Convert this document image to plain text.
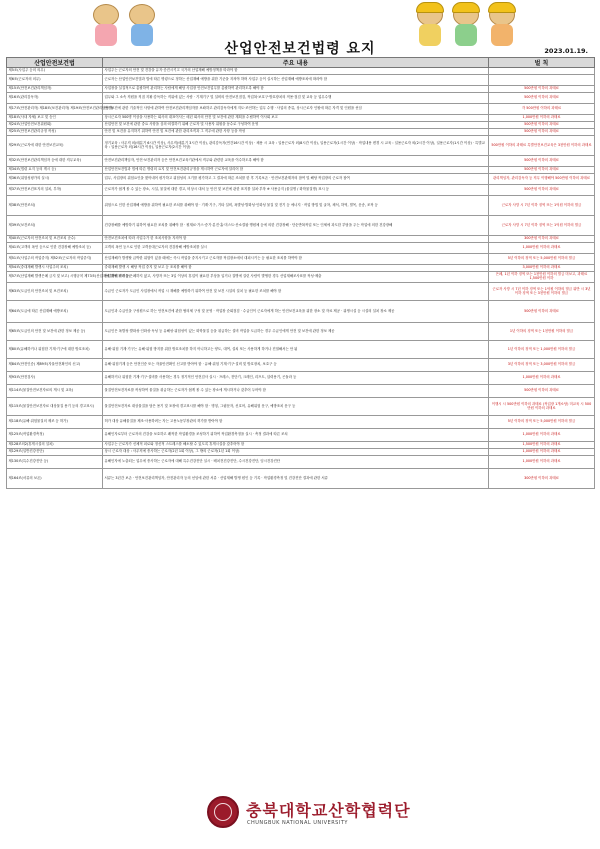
산업안전보건법령 요지	2023.01.19.
산업안전보건법	주요 내용	벌 칙
제5조(사업주 등의 의무)	사업주는 근로자의 안전 및 건강을 유지·증진시키고 국가의 산업재해 예방정책을 따라야 함	
제6조(근로자의 의무)	근로자는 산업안전보건법과 법에 따른 명령으로 정하는 산업재해 예방을 위한 기준을 지켜야 하며 사업주 등이 실시하는 산업재해 예방조치에 따라야 함	
제15조(안전보건관리책임자)	사업장을 실질적으로 총괄하여 관리하는 사람에게 해당 사업장 안전보건업무를 총괄하여 관리하도록 해야 함	500만원 이하의 과태료
제16조(관리감독자)	업무와 그 소속 직원을 직접 지휘·감독하는 직위에 있는 사람 · 기계기구 및 설비의 안전보건점검, 작업복·보호구·방호장치의 적용·점검 및 교육 등 업무수행	500만원 이하의 과태료
제17조(안전관리자) 제18조(보건관리자) 제19조(안전보건관리담당자)	안전보건에 관한 기술적인 사항에 관하여 안전보건관리책임자를 보좌하고 관리감독자에게 지도·조언하는 업무 수행 · 사업의 종류, 상시근로자 인원에 따른 자격 및 인원을 선임	각 500만원 이하의 과태료
제18조(사내 자체) 보고 및 승인	상시근로자 500명 이상을 사용하는 회사의 대표이사는 매년 회사의 안전 및 보건에 관한 계획을 수립하여 이사회 보고	1,000만원 이하의 과태료
제24조(산업안전보건위원회)	산업안전 및 보건에 관한 중요 사항을 심의·의결하기 위해 근로자 및 사용자 위원을 동수로 구성하여 운영	500만원 이하의 과태료
제25조(안전보건관리규정 작성)	안전 및 보건을 유지하기 위하여 안전 및 보건에 관한 관리조직과 그 직무에 관한 사항 등을 작성	500만원 이하의 과태료
제29조(근로자에 대한 안전보건교육)	정기교육 : 사무직 외(매분기 6시간 이상), 사무직(매분기 3시간 이상), 관리감독자(연간16시간 이상) · 채용 시 교육 : 일용근로자 외(8시간 이상), 일용근로자(1시간 이상) · 작업내용 변경 시 교육 : 일용근로자 외(2시간 이상), 일용근로자(1시간 이상) · 특별교육 : 일용근로자 외(16시간 이상), 일용근로자(2시간 이상)	500만원 이하의 과태료 특별안전보건교육은 3천만원 이하의 과태료
제32조(안전보건관리책임자 등에 대한 직무교육)	안전보건관리책임자, 안전·보건관리자 등은 안전보건교육기관에서 직무와 관련한 교육을 이수하도록 해야 함	500만원 이하의 과태료
제34조(법령 요지 등의 게시 등)	산업안전보건법과 법에 따른 명령의 요지 및 안전보건관리규정을 게시하여 근로자에 알리어 함	500만원 이하의 과태료
제36조(위험성평가의 실시)	업무, 사업장의 위험요인을 찾아내어 평가하고 위험성의 크기를 평가하고 그 결과에 따른 조치를 한 후 기록보존 · 안전보건관계자의 참여 및 해당 작업장의 근로자 참여	관리책임자, 관리감독자 등 직무 이행해야 500만원 이하의 과태료
제37조(안전보건표지의 설치, 부착)	근로자가 쉽게 볼 수 있는 장소, 시설, 물질에 대한 경고, 비상시 대처 등 안전 및 보건에 관한 표지를 설치·부착 ※ 사용금지 (물질명 / 화학물질명) 표시 등	500만원 이하의 과태료
제38조(안전조치)	위험으로 인한 산업재해 예방을 위하여 필요한 조치를 취해야 함 · 기계·기구, 기타 설비, 폭발성·발화성·인화성 물질 및 전기 등 에너지 · 작업 방법 및 굴착, 채석, 하역, 벌목, 운송, 조작 등	근로자 사망 시 7년 이하 징역 또는 1억원 이하의 벌금
제39조(보건조치)	건강장해를 예방하기 위하여 필요한 조치를 취해야 함 · 원재료·가스·증기·분진·흄·미스트·산소결핍·병원체 등에 의한 건강장해 · 단순반복작업 또는 인체에 과도한 부담을 주는 작업에 의한 건강장해	근로자 사망 시 7년 이하 징역 또는 1억원 이하의 벌금
제40조(근로자의 안전조치 및 보건조치 준수)	안전보건조치에 따라 사업주가 한 조치사항을 지켜야 함	300만원 이하의 과태료
제41조(고객의 폭언 등으로 인한 건강장해 예방조치 등)	고객의 폭언 등으로 인한 고객응대근로자의 건강장해 예방조치를 실시	1,000만원 이하의 과태료
제51조(사업주의 작업중지) 제52조(근로자의 작업중지)	산업재해가 발생할 급박한 위험이 있을 때에는 즉시 작업을 중지시키고 근로자를 작업장소에서 대피시키는 등 필요한 조치를 하여야 함	5년 이하의 징역 또는 5,000만원 이하의 벌금
제54조(중대재해 발생시 사업주의 조치)	중대재해 발생 시 해당 작업 중지 및 보고 등 조치를 해야 함	3,000만원 이하의 과태료
제57조(산업재해 발생은폐 금지 및 보고) 시행규칙 제73조(산업재해 발생 보고 등)	산업재해 발생을 은폐하지 않고, 사망자 또는 3일 이상의 휴업이 필요한 부상을 입거나 질병에 걸린 사람이 발생한 경우 산업재해조사표를 작성·제출	은폐, 1년 이하 징역 또는 1천만원 이하의 벌금 미보고, 과태료 1,500만원 이하
제63조(도급인의 안전조치 및 보건조치)	수급인 근로자가 도급인 사업장에서 작업 시 재해를 예방하기 위하여 안전 및 보건 시설의 설치 등 필요한 조치를 해야 함	근로자 사망 시 7년 이하 징역 또는 1억원 이하의 벌금 위반 시 3년 이하 징역 또는 3천만원 이하의 벌금
제64조(도급에 따른 산업재해 예방조치)	도급인과 수급인을 구성원으로 하는 안전보건에 관한 협의체 구성 및 운영 · 작업장 순회점검 · 수급인이 근로자에게 하는 안전보건교육을 위한 장소 및 자료 제공 · 위생시설 등 시설의 설치 장소 제공	500만원 이하의 과태료
제65조(도급인의 안전 및 보건에 관한 정보 제공 등)	도급인은 폭발성·발화성·인화성·독성 등 유해성·위험성이 있는 화학물질 등을 취급하는 설비 작업을 도급하는 경우 수급인에게 안전 및 보건에 관한 정보 제공	1년 이하의 징역 또는 1천만원 이하의 벌금
제80조(유해하거나 위험한 기계·기구에 대한 방호조치)	유해·위험 기계·기구는 유해·위험 방지를 위한 방호조치를 하지 아니하고는 양도, 대여, 설치 또는 사용하게 하거나 진열해서는 안 됨	1년 이하의 징역 또는 1,000만원 이하의 벌금
제84조(안전인증) 제89조(자율안전확인의 신고)	유해·위험기계 등은 안전인증 또는 자율안전확인 신고를 받아야 함 · 유해·위험 기계·기구·설비 및 방호장치, 보호구 등	3년 이하의 징역 또는 3,000만원 이하의 벌금
제93조(안전검사)	유해하거나 위험한 기계·기구·설비를 사용하는 경우 정기적인 안전검사 실시 · 프레스, 전단기, 크레인, 리프트, 압력용기, 곤돌라 등	1,000만원 이하의 과태료
제114조(물질안전보건자료의 게시 및 교육)	물질안전보건자료를 작성하여 물질을 취급하는 근로자가 쉽게 볼 수 있는 장소에 게시하거나 갖추어 두어야 함	500만원 이하의 과태료
제115조(물질안전보건자료 대상물질 용기 등의 경고표시)	물질안전보건자료 대상물질을 담은 용기 및 포장에 경고표시를 해야 함 · 명칭, 그림문자, 신호어, 유해위험 문구, 예방조치 문구 등	이행시 시 500만원 이하의 과태료 (작업장 1개소당) 미교육 시 500만원 이하의 과태료
제118조(유해·위험물질의 제조 등 허가)	허가 대상 유해물질을 제조·사용하려는 자는 고용노동부장관의 허가를 받아야 함	5년 이하의 징역 또는 5,000만원 이하의 벌금
제125조(작업환경측정)	유해인자로부터 근로자의 건강을 보호하고 쾌적한 작업환경을 조성하기 위하여 작업환경측정을 실시 · 측정 결과에 따른 조치	1,000만원 이하의 과태료
제128조의2(휴게시설의 설치)	사업주는 근로자가 신체적 피로와 정신적 스트레스를 해소할 수 있도록 휴게시설을 갖추어야 함	1,500만원 이하의 과태료
제129조(일반건강진단)	상시 근로자 대상 : 사무직에 종사하는 근로자(2년 1회 이상), 그 밖의 근로자(1년 1회 이상)	1,000만원 이하의 과태료
제130조(특수건강진단 등)	유해인자에 노출되는 업무에 종사하는 근로자에 대해 특수건강진단 실시 · 배치전건강진단, 수시건강진단, 임시건강진단	1,000만원 이하의 과태료
제164조(서류의 보존)	서류는 3년간 보존 · 안전보건관리책임자, 안전관리자 등의 선임에 관한 서류 · 산업재해 발생 원인 등 기록 · 작업환경측정 및 건강진단 결과에 관한 서류	300만원 이하의 과태료
충북대학교산학협력단
CHUNGBUK NATIONAL UNIVERSITY
